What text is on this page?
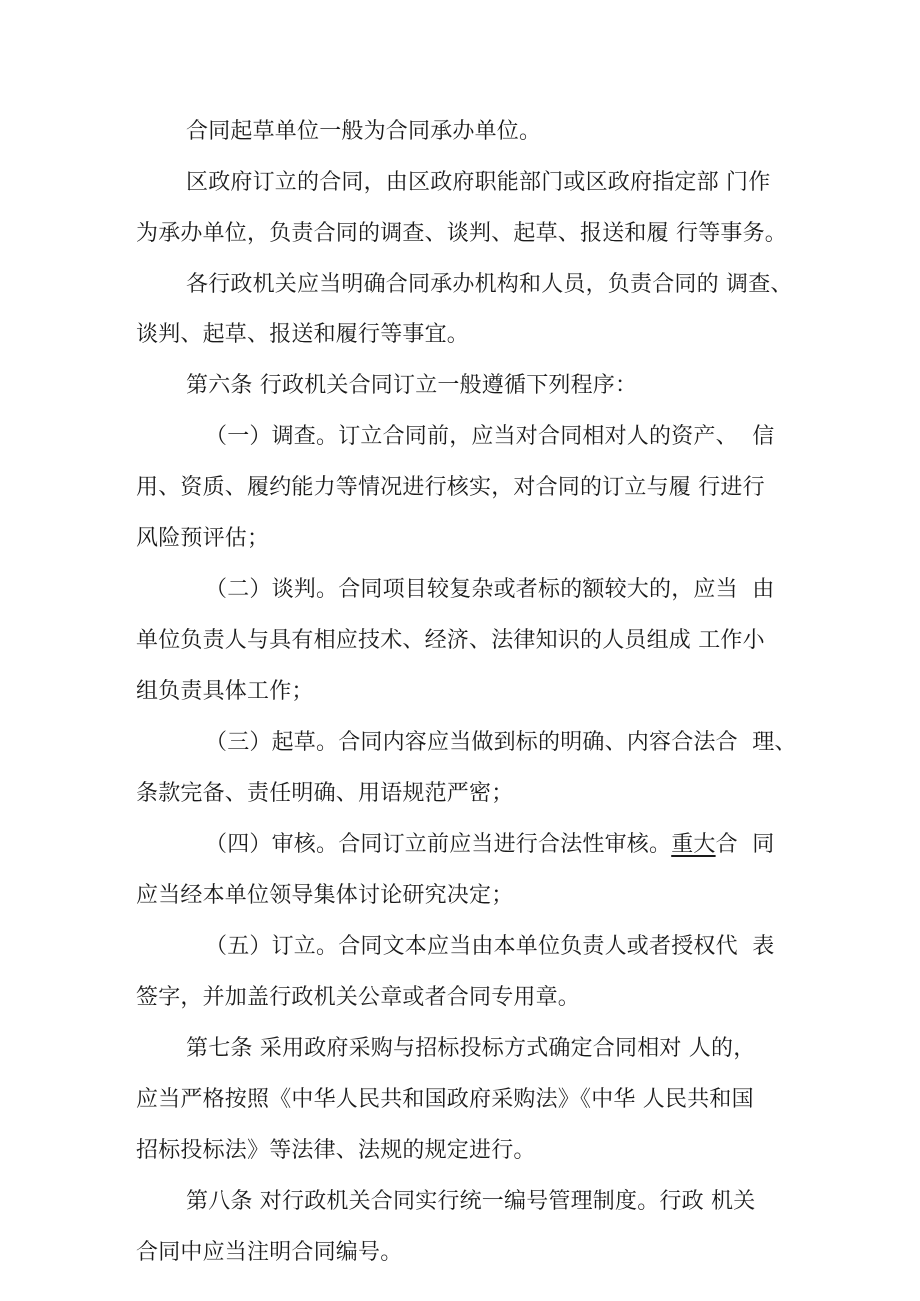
合同起草单位一般为合同承办单位。
区政府订立的合同，由区政府职能部门或区政府指定部 门作
为承办单位，负责合同的调查、谈判、起草、报送和履 行等事务。
各行政机关应当明确合同承办机构和人员，负责合同的 调查、
谈判、起草、报送和履行等事宜。
第六条 行政机关合同订立一般遵循下列程序：
（一）调查。订立合同前，应当对合同相对人的资产、  信
用、资质、履约能力等情况进行核实，对合同的订立与履 行进行
风险预评估；
（二）谈判。合同项目较复杂或者标的额较大的，应当  由
单位负责人与具有相应技术、经济、法律知识的人员组成 工作小
组负责具体工作；
（三）起草。合同内容应当做到标的明确、内容合法合  理、
条款完备、责任明确、用语规范严密；
（四）审核。合同订立前应当进行合法性审核。重大合  同
应当经本单位领导集体讨论研究决定；
（五）订立。合同文本应当由本单位负责人或者授权代  表
签字，并加盖行政机关公章或者合同专用章。
第七条 采用政府采购与招标投标方式确定合同相对 人的，
应当严格按照《中华人民共和国政府采购法》《中华 人民共和国
招标投标法》等法律、法规的规定进行。
第八条 对行政机关合同实行统一编号管理制度。行政 机关
合同中应当注明合同编号。
